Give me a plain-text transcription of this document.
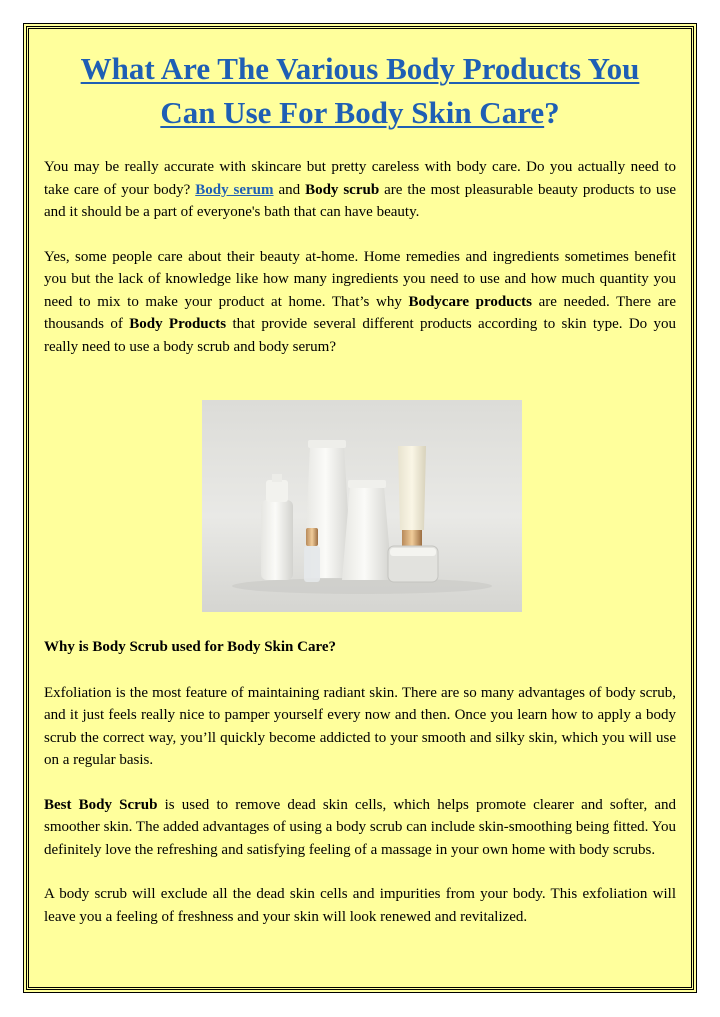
What Are The Various Body Products You
Can Use For Body Skin Care?

You may be really accurate with skincare but pretty careless with body care. Do you actually need to take care of your body? Body serum and Body scrub are the most pleasurable beauty products to use and it should be a part of everyone's bath that can have beauty.

Yes, some people care about their beauty at-home. Home remedies and ingredients sometimes benefit you but the lack of knowledge like how many ingredients you need to use and how much quantity you need to mix to make your product at home. That’s why Bodycare products are needed. There are thousands of Body Products that provide several different products according to skin type. Do you really need to use a body scrub and body serum?

Why is Body Scrub used for Body Skin Care?

Exfoliation is the most feature of maintaining radiant skin. There are so many advantages of body scrub, and it just feels really nice to pamper yourself every now and then. Once you learn how to apply a body scrub the correct way, you’ll quickly become addicted to your smooth and silky skin, which you will use on a regular basis.

Best Body Scrub is used to remove dead skin cells, which helps promote clearer and softer, and smoother skin. The added advantages of using a body scrub can include skin-smoothing being fitted. You definitely love the refreshing and satisfying feeling of a massage in your own home with body scrubs.

A body scrub will exclude all the dead skin cells and impurities from your body. This exfoliation will leave you a feeling of freshness and your skin will look renewed and revitalized.
